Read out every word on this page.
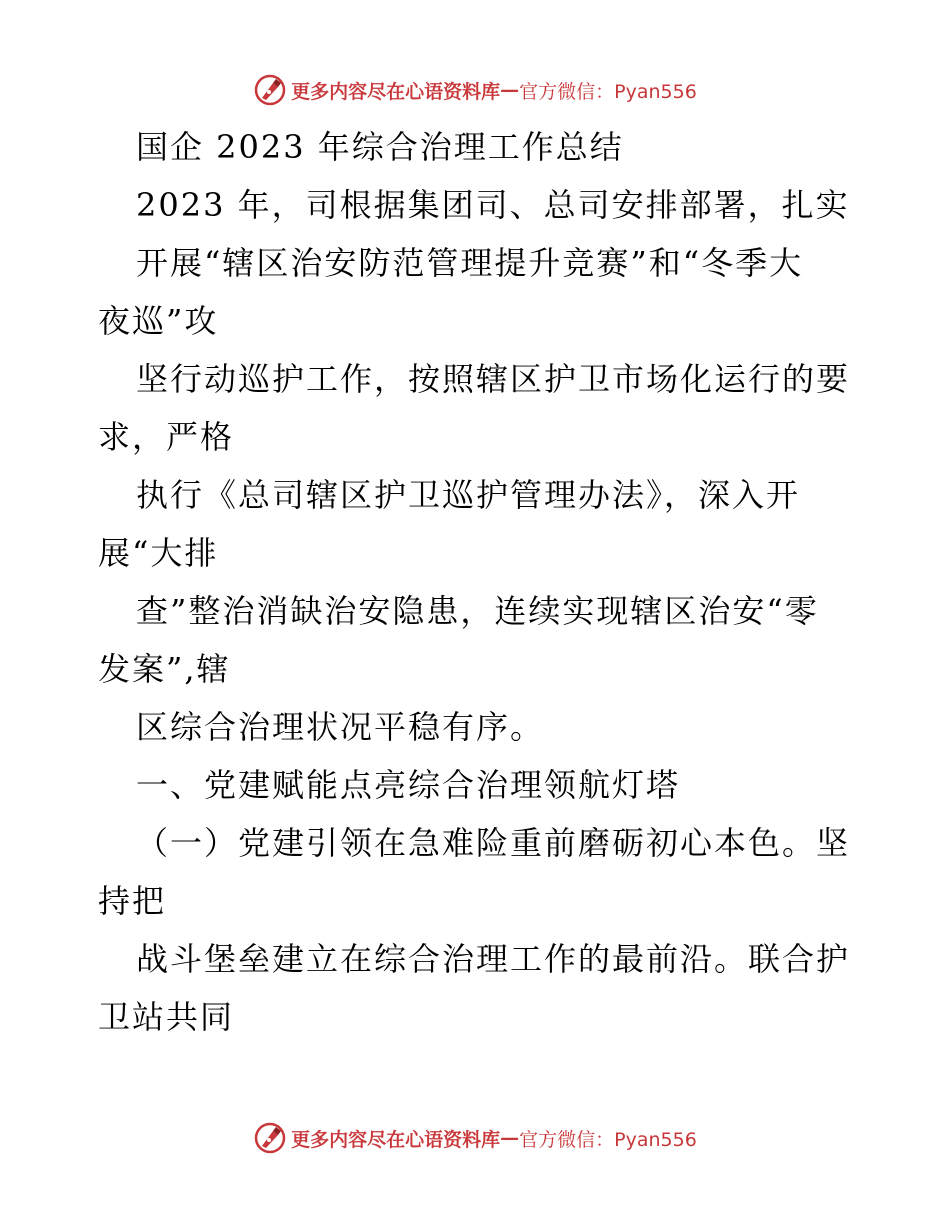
更多内容尽在心语资料库 — 官方微信：Pyan556
国企 2023 年综合治理工作总结
2023 年，司根据集团司、总司安排部署，扎实
开展“辖区治安防范管理提升竞赛”和“冬季大
夜巡”攻
坚行动巡护工作，按照辖区护卫市场化运行的要
求，严格
执行《总司辖区护卫巡护管理办法》，深入开
展“大排
查”整治消缺治安隐患，连续实现辖区治安“零
发案”,辖
区综合治理状况平稳有序。
一、党建赋能点亮综合治理领航灯塔
（一）党建引领在急难险重前磨砺初心本色。坚
持把
战斗堡垒建立在综合治理工作的最前沿。联合护
卫站共同
更多内容尽在心语资料库 — 官方微信：Pyan556
